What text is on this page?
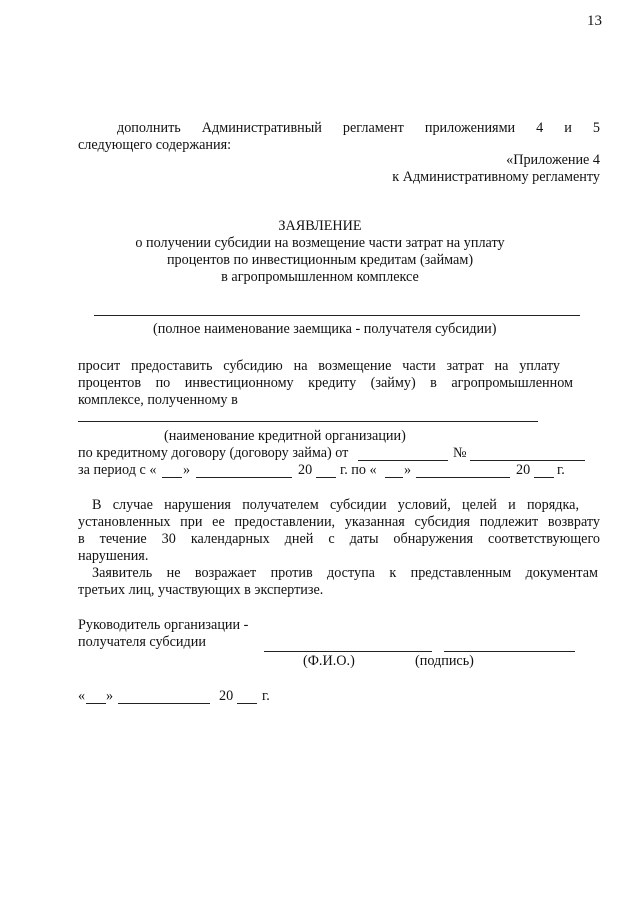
13
дополнить Административный регламент приложениями 4 и 5
следующего содержания:
«Приложение 4
к Административному регламенту
ЗАЯВЛЕНИЕ
о получении субсидии на возмещение части затрат на уплату
процентов по инвестиционным кредитам (займам)
в агропромышленном комплексе
(полное наименование заемщика - получателя субсидии)
просит предоставить субсидию на возмещение части затрат на уплату
процентов по инвестиционному кредиту (займу) в агропромышленном
комплексе, полученному в
(наименование кредитной организации)
по кредитному договору (договору займа) от	№
за период с « »	20 г. по « »	20 г.
В случае нарушения получателем субсидии условий, целей и порядка,
установленных при ее предоставлении, указанная субсидия подлежит возврату
в течение 30 календарных дней с даты обнаружения соответствующего
нарушения.
Заявитель не возражает против доступа к представленным документам
третьих лиц, участвующих в экспертизе.
Руководитель организации -
получателя субсидии
(Ф.И.О.)	(подпись)
« »	20 г.
